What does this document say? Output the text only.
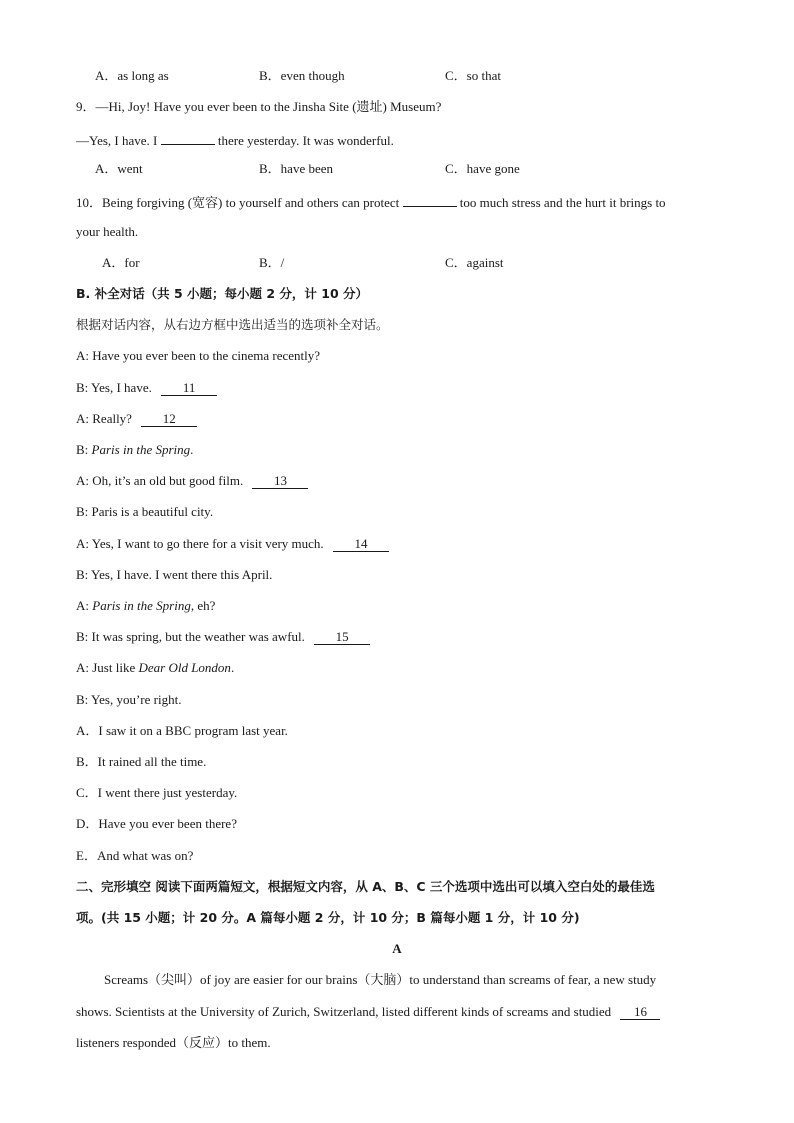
A．as long as	B．even though	C．so that
9．—Hi, Joy! Have you ever been to the Jinsha Site (遗址) Museum?
—Yes, I have. I	there yesterday. It was wonderful.
A．went	B．have been	C．have gone
10．Being forgiving (宽容) to yourself and others can protect	too much stress and the hurt it brings to
your health.
A．for	B．/	C．against
B. 补全对话（共 5 小题；每小题 2 分，计 10 分）
根据对话内容，从右边方框中选出适当的选项补全对话。
A: Have you ever been to the cinema recently?
B: Yes, I have. 11
A: Really? 12
B: Paris in the Spring.
A: Oh, it’s an old but good film. 13
B: Paris is a beautiful city.
A: Yes, I want to go there for a visit very much. 14
B: Yes, I have. I went there this April.
A: Paris in the Spring, eh?
B: It was spring, but the weather was awful. 15
A: Just like Dear Old London.
B: Yes, you’re right.
A．I saw it on a BBC program last year.
B．It rained all the time.
C．I went there just yesterday.
D．Have you ever been there?
E．And what was on?
二、完形填空 阅读下面两篇短文，根据短文内容，从 A、B、C 三个选项中选出可以填入空白处的最佳选
项。(共 15 小题；计 20 分。A 篇每小题 2 分，计 10 分；B 篇每小题 1 分，计 10 分)
A
Screams（尖叫）of joy are easier for our brains（大脑）to understand than screams of fear, a new study
shows. Scientists at the University of Zurich, Switzerland, listed different kinds of screams and studied 16
listeners responded（反应）to them.
